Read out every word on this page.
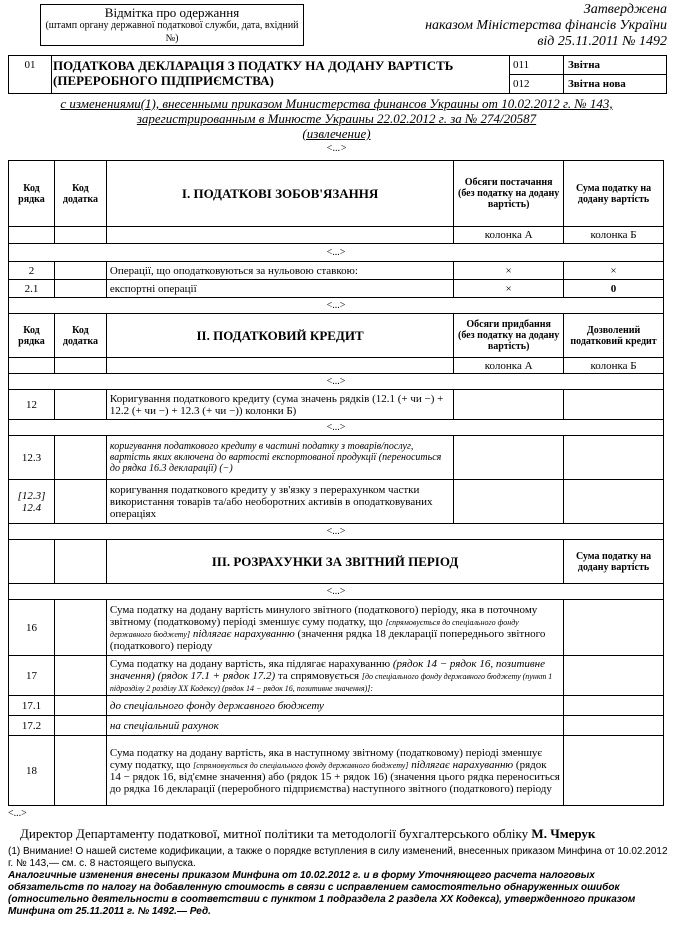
Відмітка про одержання
(штамп органу державної податкової служби, дата, вхідний №)
Затверджена
наказом Міністерства фінансів України
від 25.11.2011 № 1492
01	ПОДАТКОВА ДЕКЛАРАЦІЯ З ПОДАТКУ НА ДОДАНУ ВАРТІСТЬ (ПЕРЕРОБНОГО ПІДПРИЄМСТВА)
011	Звітна
012	Звітна нова
с изменениями(1), внесенными приказом Министерства финансов Украины от 10.02.2012 г. № 143,
зарегистрированным в Минюсте Украины 22.02.2012 г. за № 274/20587
(извлечение)
<...>
Код рядка	Код додатка	I. ПОДАТКОВІ ЗОБОВ'ЯЗАННЯ	Обсяги постачання (без податку на додану вартість)	Сума податку на додану вартість
			колонка А	колонка Б
<...>				
2		Операції, що оподатковуються за нульовою ставкою:	×	×
2.1		експортні операції	×	0
<...>				
Код рядка	Код додатка	II. ПОДАТКОВИЙ КРЕДИТ	Обсяги придбання (без податку на додану вартість)	Дозволений податковий кредит
			колонка А	колонка Б
<...>				
12		Коригування податкового кредиту (сума значень рядків (12.1 (+ чи −) + 12.2 (+ чи −) + 12.3 (+ чи −)) колонки Б)		
<...>				
12.3		коригування податкового кредиту в частині податку з товарів/послуг, вартість яких включена до вартості експортованої продукції (переноситься до рядка 16.3 декларації) (−)		
[12.3] 12.4		коригування податкового кредиту у зв'язку з перерахунком частки використання товарів та/або необоротних активів в оподатковуваних операціях		
<...>				
		III. РОЗРАХУНКИ ЗА ЗВІТНИЙ ПЕРІОД		Сума податку на додану вартість
<...>				
16		Сума податку на додану вартість минулого звітного (податкового) періоду, яка в поточному звітному (податковому) періоді зменшує суму податку, що [спрямовується до спеціального фонду державного бюджету] підлягає нарахуванню (значення рядка 18 декларації попереднього звітного (податкового) періоду		
17		Сума податку на додану вартість, яка підлягає нарахуванню (рядок 14 − рядок 16, позитивне значення) (рядок 17.1 + рядок 17.2) та спрямовується [до спеціального фонду державного бюджету (пункт 1 підрозділу 2 розділу XX Кодексу) (рядок 14 − рядок 16, позитивне значення)]:		
17.1		до спеціального фонду державного бюджету		
17.2		на спеціальний рахунок		
18		Сума податку на додану вартість, яка в наступному звітному (податковому) періоді зменшує суму податку, що [спрямовується до спеціального фонду державного бюджету] підлягає нарахуванню (рядок 14 − рядок 16, від'ємне значення) або (рядок 15 + рядок 16) (значення цього рядка переноситься до рядка 16 декларації (переробного підприємства) наступного звітного (податкового) періоду		
<...>
Директор Департаменту податкової, митної політики та методології бухгалтерського обліку М. Чмерук
(1) Внимание! О нашей системе кодификации, а также о порядке вступления в силу изменений, внесенных приказом Минфина от 10.02.2012 г. № 143,— см. с. 8 настоящего выпуска.
Аналогичные изменения внесены приказом Минфина от 10.02.2012 г. и в форму Уточняющего расчета налоговых обязательств по налогу на добавленную стоимость в связи с исправлением самостоятельно обнаруженных ошибок (относительно деятельности в соответствии с пунктом 1 подраздела 2 раздела XX Кодекса), утвержденного приказом Минфина от 25.11.2011 г. № 1492.— Ред.
